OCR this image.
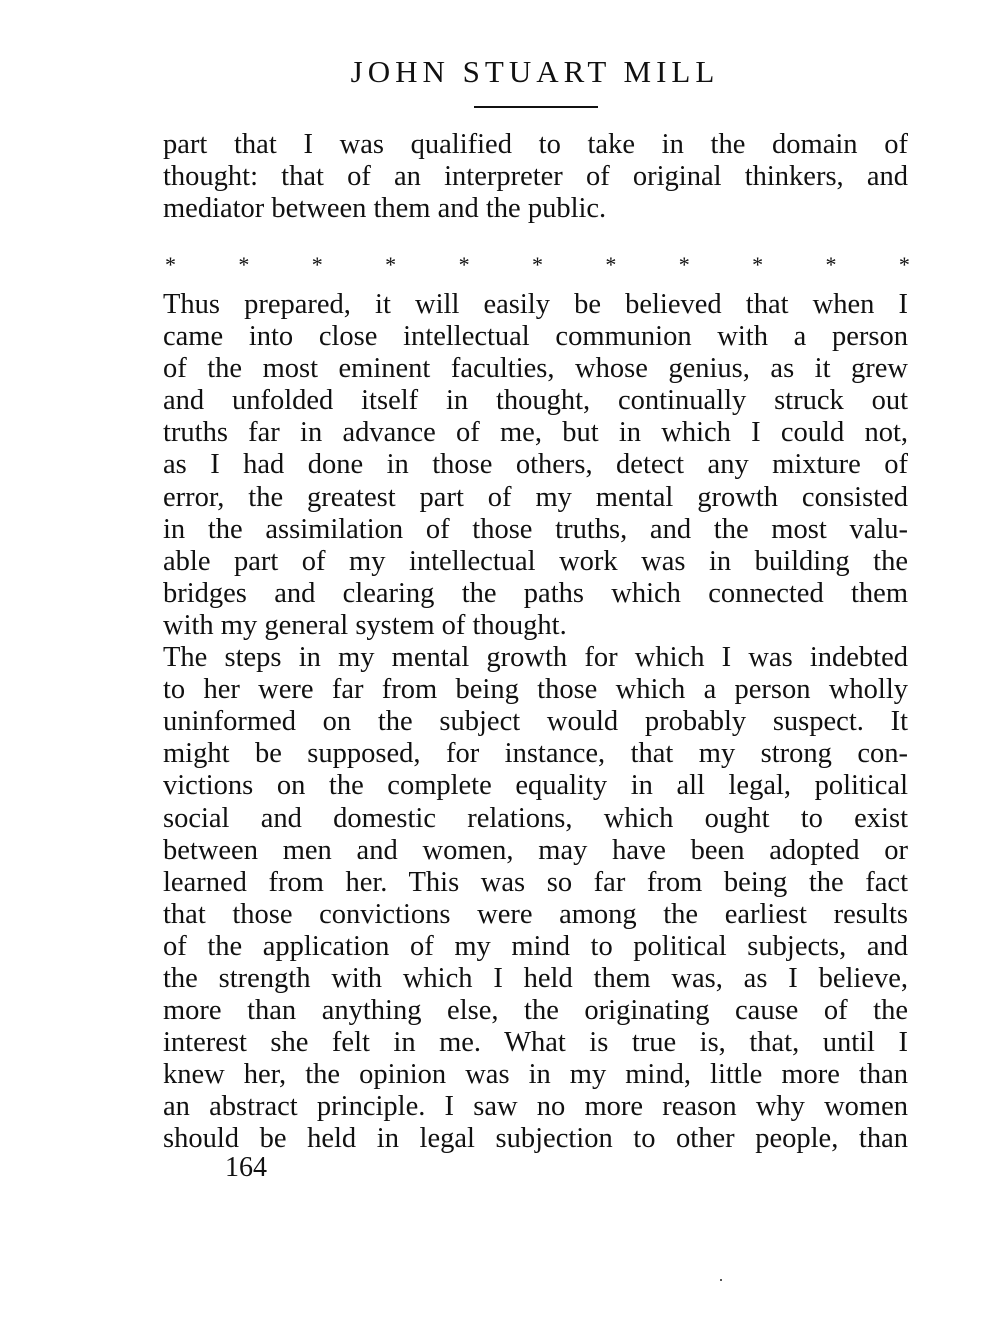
JOHN STUART MILL
part that I was qualified to take in the domain of
thought: that of an interpreter of original thinkers, and
mediator between them and the public.
*	*	*	*	*	*	*	*	*	*	*
Thus prepared, it will easily be believed that when I
came into close intellectual communion with a person
of the most eminent faculties, whose genius, as it grew
and unfolded itself in thought, continually struck out
truths far in advance of me, but in which I could not,
as I had done in those others, detect any mixture of
error, the greatest part of my mental growth consisted
in the assimilation of those truths, and the most valu-
able part of my intellectual work was in building the
bridges and clearing the paths which connected them
with my general system of thought.
The steps in my mental growth for which I was indebted
to her were far from being those which a person wholly
uninformed on the subject would probably suspect. It
might be supposed, for instance, that my strong con-
victions on the complete equality in all legal, political
social and domestic relations, which ought to exist
between men and women, may have been adopted or
learned from her. This was so far from being the fact
that those convictions were among the earliest results
of the application of my mind to political subjects, and
the strength with which I held them was, as I believe,
more than anything else, the originating cause of the
interest she felt in me. What is true is, that, until I
knew her, the opinion was in my mind, little more than
an abstract principle. I saw no more reason why women
should be held in legal subjection to other people, than
164
